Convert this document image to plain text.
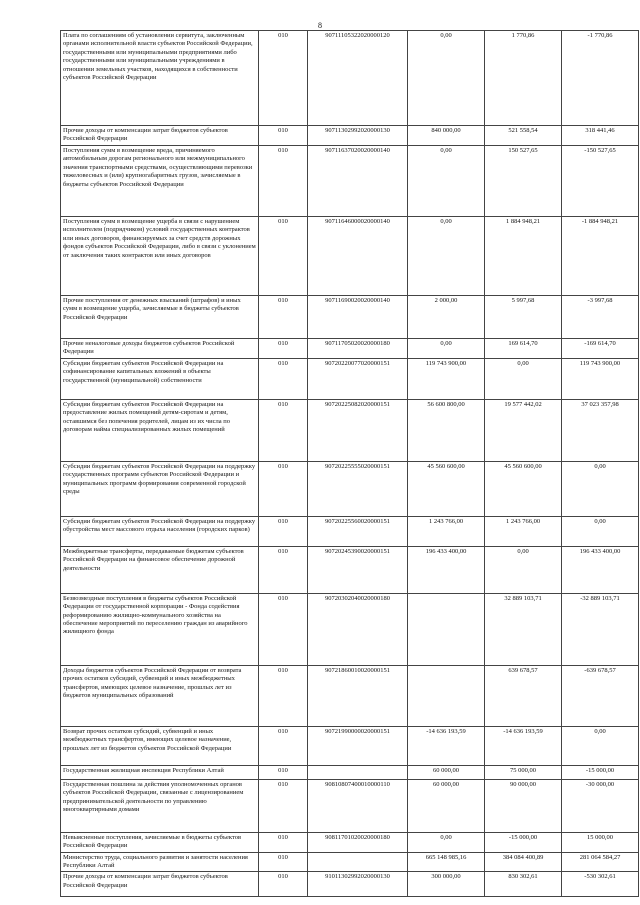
8
Плата по соглашениям об установлении сервитута, заключенным органами исполнительной власти субъектов Российской Федерации, государственными или муниципальными предприятиями либо государственными или муниципальными учреждениями в отношении земельных участков, находящихся в собственности субъектов Российской Федерации	010	90711105322020000120	0,00	1 770,86	-1 770,86
Прочие доходы от компенсации затрат бюджетов субъектов Российской Федерации	010	90711302992020000130	840 000,00	521 558,54	318 441,46
Поступления сумм в возмещение вреда, причиняемого автомобильным дорогам регионального или межмуниципального значения транспортными средствами, осуществляющими перевозки тяжеловесных и (или) крупногабаритных грузов, зачисляемые в бюджеты субъектов Российской Федерации	010	90711637020020000140	0,00	150 527,65	-150 527,65
Поступления сумм в возмещение ущерба в связи с нарушением исполнителем (подрядчиком) условий государственных контрактов или иных договоров, финансируемых за счет средств дорожных фондов субъектов Российской Федерации, либо в связи с уклонением от заключения таких контрактов или иных договоров	010	90711646000020000140	0,00	1 884 948,21	-1 884 948,21
Прочие поступления от денежных взысканий (штрафов) и иных сумм в возмещение ущерба, зачисляемые в бюджеты субъектов Российской Федерации	010	90711690020020000140	2 000,00	5 997,68	-3 997,68
Прочие неналоговые доходы бюджетов субъектов Российской Федерации	010	90711705020020000180	0,00	169 614,70	-169 614,70
Субсидии бюджетам субъектов Российской Федерации на софинансирование капитальных вложений в объекты государственной (муниципальной) собственности	010	90720220077020000151	119 743 900,00	0,00	119 743 900,00
Субсидии бюджетам субъектов Российской Федерации на предоставление жилых помещений детям-сиротам и детям, оставшимся без попечения родителей, лицам из их числа по договорам найма специализированных жилых помещений	010	90720225082020000151	56 600 800,00	19 577 442,02	37 023 357,98
Субсидии бюджетам субъектов Российской Федерации на поддержку государственных программ субъектов Российской Федерации и муниципальных программ формирования современной городской среды	010	90720225555020000151	45 560 600,00	45 560 600,00	0,00
Субсидии бюджетам субъектов Российской Федерации на поддержку обустройства мест массового отдыха населения (городских парков)	010	90720225560020000151	1 243 766,00	1 243 766,00	0,00
Межбюджетные трансферты, передаваемые бюджетам субъектов Российской Федерации на финансовое обеспечение дорожной деятельности	010	90720245390020000151	196 433 400,00	0,00	196 433 400,00
Безвозмездные поступления в бюджеты субъектов Российской Федерации от государственной корпорации - Фонда содействия реформированию жилищно-коммунального хозяйства на обеспечение мероприятий по переселению граждан из аварийного жилищного фонда	010	90720302040020000180		32 889 103,71	-32 889 103,71
Доходы бюджетов субъектов Российской Федерации от возврата прочих остатков субсидий, субвенций и иных межбюджетных трансфертов, имеющих целевое назначение, прошлых лет из бюджетов муниципальных образований	010	90721860010020000151		639 678,57	-639 678,57
Возврат прочих остатков субсидий, субвенций и иных межбюджетных трансфертов, имеющих целевое назначение, прошлых лет из бюджетов субъектов Российской Федерации	010	90721990000020000151	-14 636 193,59	-14 636 193,59	0,00
Государственная жилищная инспекция Республики Алтай	010		60 000,00	75 000,00	-15 000,00
Государственная пошлина за действия уполномоченных органов субъектов Российской Федерации, связанные с лицензированием предпринимательской деятельности по управлению многоквартирными домами	010	90810807400010000110	60 000,00	90 000,00	-30 000,00
Невыясненные поступления, зачисляемые в бюджеты субъектов Российской Федерации	010	90811701020020000180	0,00	-15 000,00	15 000,00
Министерство труда, социального развития и занятости населения Республики Алтай	010		665 148 985,16	384 084 400,89	281 064 584,27
Прочие доходы от компенсации затрат бюджетов субъектов Российской Федерации	010	91011302992020000130	300 000,00	830 302,61	-530 302,61
